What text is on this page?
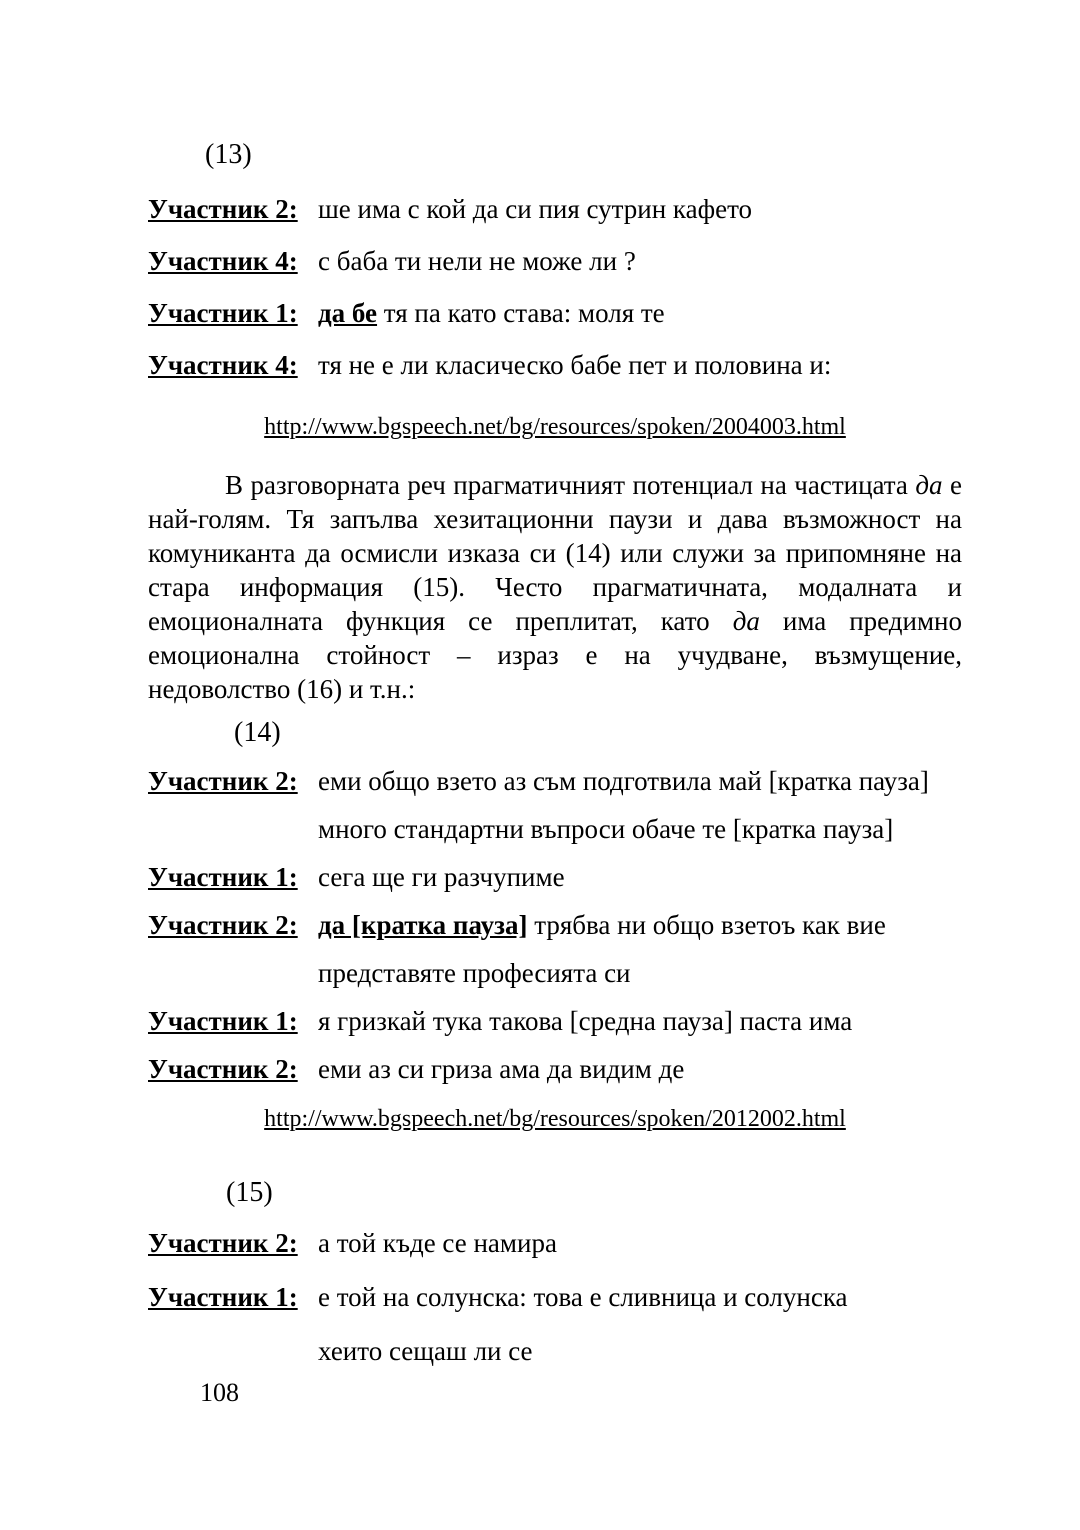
(13)
Участник 2: ше има с кой да си пия сутрин кафето
Участник 4: с баба ти нели не може ли ?
Участник 1: да бе тя па като става: моля те
Участник 4: тя не е ли класическо бабе пет и половина и:
http://www.bgspeech.net/bg/resources/spoken/2004003.html

В разговорната реч прагматичният потенциал на частицата да е най-голям. Тя запълва хезитационни паузи и дава възможност на комуниканта да осмисли изказа си (14) или служи за припомняне на стара информация (15). Често прагматичната, модалната и емоционалната функция се преплитат, като да има предимно емоционална стойност – израз е на учудване, възмущение, недоволство (16) и т.н.:

(14)
Участник 2: еми общо взето аз съм подготвила май [кратка пауза]
много стандартни въпроси обаче те [кратка пауза]
Участник 1: сега ще ги разчупиме
Участник 2: да [кратка пауза] трябва ни общо взетоъ как вие
представяте професията си
Участник 1: я гризкай тука такова [средна пауза] паста има
Участник 2: еми аз си гриза ама да видим де
http://www.bgspeech.net/bg/resources/spoken/2012002.html
(15)
Участник 2: а той къде се намира
Участник 1: е той на солунска: това е сливница и солунска
хеито сещаш ли се
108
